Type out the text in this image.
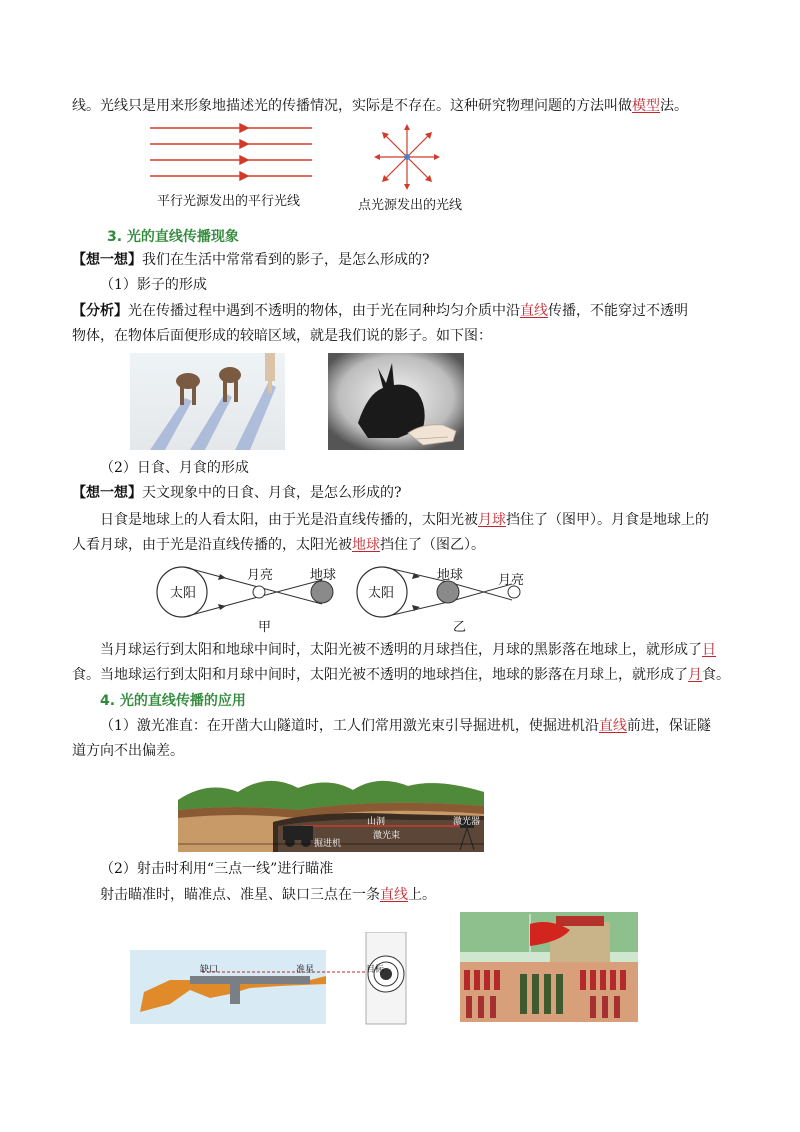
线。光线只是用来形象地描述光的传播情况，实际是不存在。这种研究物理问题的方法叫做模型法。
平行光源发出的平行光线	点光源发出的光线
3. 光的直线传播现象
【想一想】我们在生活中常常看到的影子，是怎么形成的?
（1）影子的形成
【分析】光在传播过程中遇到不透明的物体，由于光在同种均匀介质中沿直线传播，不能穿过不透明
物体，在物体后面便形成的较暗区域，就是我们说的影子。如下图：
（2）日食、月食的形成
【想一想】天文现象中的日食、月食，是怎么形成的?
日食是地球上的人看太阳，由于光是沿直线传播的，太阳光被月球挡住了（图甲）。月食是地球上的
人看月球，由于光是沿直线传播的，太阳光被地球挡住了（图乙）。
太阳
月亮	地球
甲
太阳
地球	月亮
乙
当月球运行到太阳和地球中间时，太阳光被不透明的月球挡住，月球的黑影落在地球上，就形成了日
食。当地球运行到太阳和月球中间时，太阳光被不透明的地球挡住，地球的影落在月球上，就形成了月食。
4. 光的直线传播的应用
（1）激光准直：在开凿大山隧道时，工人们常用激光束引导掘进机，使掘进机沿直线前进，保证隧
道方向不出偏差。
山洞	激光器
激光束
掘进机
（2）射击时利用“三点一线”进行瞄准
射击瞄准时，瞄准点、准星、缺口三点在一条直线上。
缺口	准星	目标
